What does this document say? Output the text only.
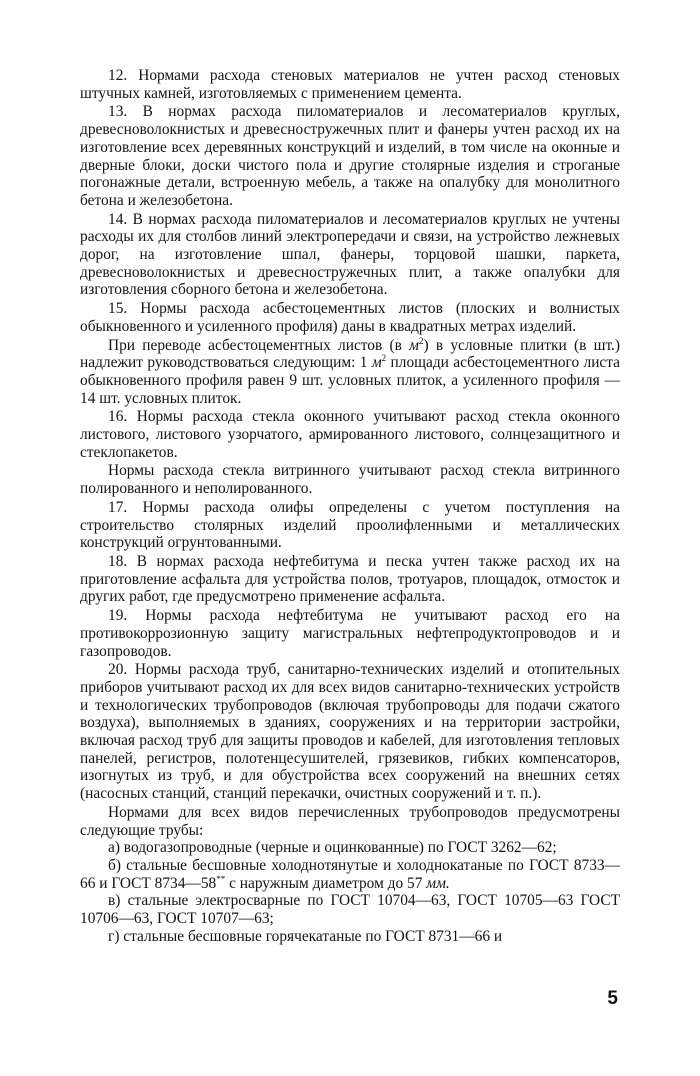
12. Нормами расхода стеновых материалов не учтен расход стеновых штучных камней, изготовляемых с применением цемента.

13. В нормах расхода пиломатериалов и лесоматериалов круглых, древесноволокнистых и древесностружечных плит и фанеры учтен расход их на изготовление всех деревянных конструкций и изделий, в том числе на оконные и дверные блоки, доски чистого пола и другие столярные изделия и строганые погонажные детали, встроенную мебель, а также на опалубку для монолитного бетона и железобетона.

14. В нормах расхода пиломатериалов и лесоматериалов круглых не учтены расходы их для столбов линий электропередачи и связи, на устройство лежневых дорог, на изготовление шпал, фанеры, торцовой шашки, паркета, древесноволокнистых и древесностружечных плит, а также опалубки для изготовления сборного бетона и железобетона.

15. Нормы расхода асбестоцементных листов (плоских и волнистых обыкновенного и усиленного профиля) даны в квадратных метрах изделий.

При переводе асбестоцементных листов (в $м^2$) в условные плитки (в шт.) надлежит руководствоваться следующим: 1 $м^2$ площади асбестоцементного листа обыкновенного профиля равен 9 шт. условных плиток, а усиленного профиля — 14 шт. условных плиток.

16. Нормы расхода стекла оконного учитывают расход стекла оконного листового, листового узорчатого, армированного листового, солнцезащитного и стеклопакетов.

Нормы расхода стекла витринного учитывают расход стекла витринного полированного и неполированного.

17. Нормы расхода олифы определены с учетом поступления на строительство столярных изделий проолифленными и металлических конструкций огрунтованными.

18. В нормах расхода нефтебитума и песка учтен также расход их на приготовление асфальта для устройства полов, тротуаров, площадок, отмосток и других работ, где предусмотрено применение асфальта.

19. Нормы расхода нефтебитума не учитывают расход его на противокоррозионную защиту магистральных нефтепродуктопроводов и и газопроводов.

20. Нормы расхода труб, санитарно-технических изделий и отопительных приборов учитывают расход их для всех видов санитарно-технических устройств и технологических трубопроводов (включая трубопроводы для подачи сжатого воздуха), выполняемых в зданиях, сооружениях и на территории застройки, включая расход труб для защиты проводов и кабелей, для изготовления тепловых панелей, регистров, полотенцесушителей, грязевиков, гибких компенсаторов, изогнутых из труб, и для обустройства всех сооружений на внешних сетях (насосных станций, станций перекачки, очистных сооружений и т. п.).

Нормами для всех видов перечисленных трубопроводов предусмотрены следующие трубы:

а) водогазопроводные (черные и оцинкованные) по ГОСТ 3262—62;

б) стальные бесшовные холоднотянутые и холоднокатаные по ГОСТ 8733—66 и ГОСТ 8734—58** с наружным диаметром до 57 мм.

в) стальные электросварные по ГОСТ 10704—63, ГОСТ 10705—63 ГОСТ 10706—63, ГОСТ 10707—63;

г) стальные бесшовные горячекатаные по ГОСТ 8731—66 и

5
